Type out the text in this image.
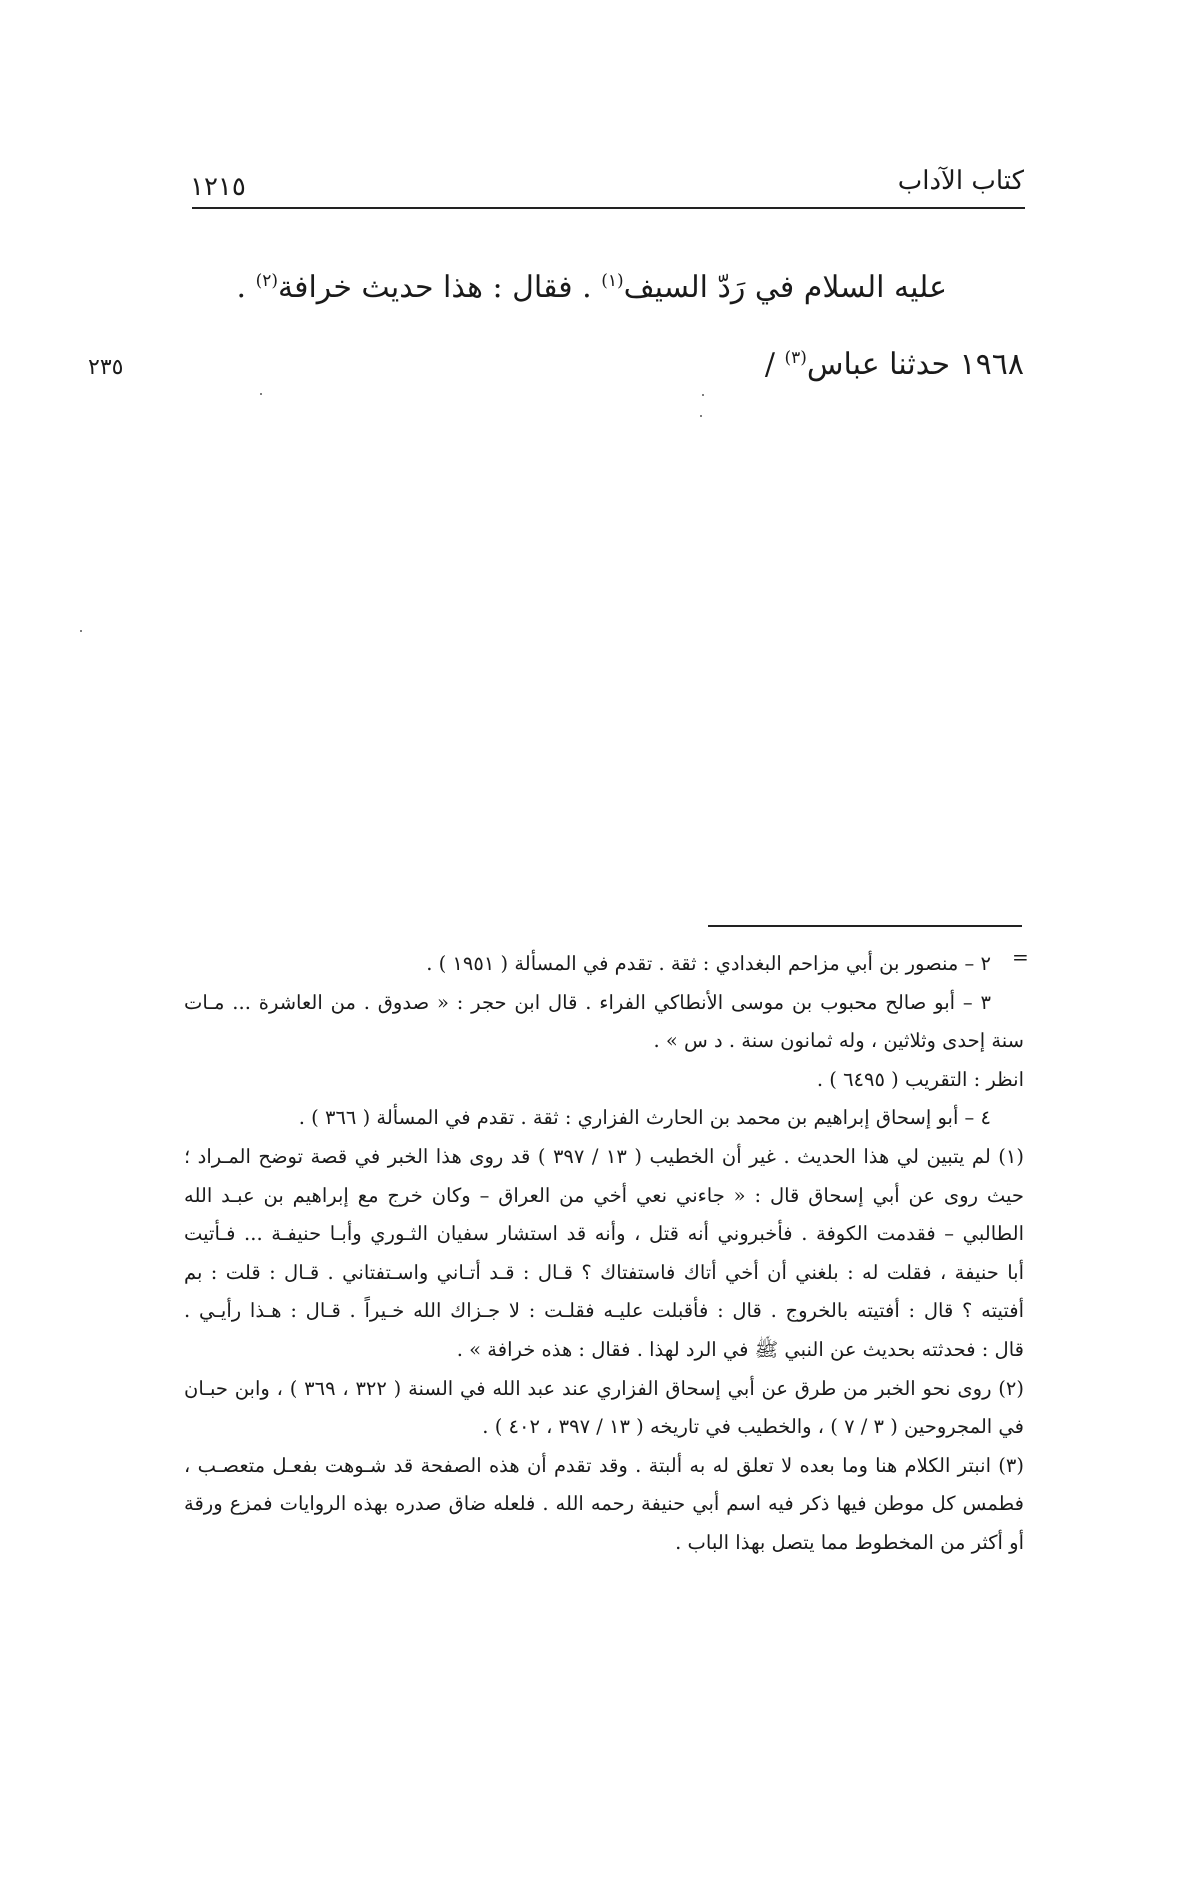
كتاب الآداب
١٢١٥
٢٣٥
عليه السلام في رَدّ السيف$^{(١)}$ . فقال : هذا حديث خرافة$^{(٢)}$ .
١٩٦٨ حدثنا عباس$^{(٣)}$ /
=
٢ – منصور بن أبي مزاحم البغدادي : ثقة . تقدم في المسألة ( ١٩٥١ ) .
٣ – أبو صالح محبوب بن موسى الأنطاكي الفراء . قال ابن حجر : « صدوق . من العاشرة ... مـات
سنة إحدى وثلاثين ، وله ثمانون سنة . د س » .
انظر : التقريب ( ٦٤٩٥ ) .
٤ – أبو إسحاق إبراهيم بن محمد بن الحارث الفزاري : ثقة . تقدم في المسألة ( ٣٦٦ ) .
(١) لم يتبين لي هذا الحديث . غير أن الخطيب ( ١٣ / ٣٩٧ ) قد روى هذا الخبر في قصة توضح المـراد ؛
حيث روى عن أبي إسحاق قال : « جاءني نعي أخي من العراق – وكان خرج مع إبراهيم بن عبـد الله
الطالبي – فقدمت الكوفة . فأخبروني أنه قتل ، وأنه قد استشار سفيان الثـوري وأبـا حنيفـة ... فـأتيت
أبا حنيفة ، فقلت له : بلغني أن أخي أتاك فاستفتاك ؟ قـال : قـد أتـاني واسـتفتاني . قـال : قلت : بم
أفتيته ؟ قال : أفتيته بالخروج . قال : فأقبلت عليـه فقلـت : لا جـزاك الله خـيراً . قـال : هـذا رأيـي .
قال : فحدثته بحديث عن النبي ﷺ في الرد لهذا . فقال : هذه خرافة » .
(٢) روى نحو الخبر من طرق عن أبي إسحاق الفزاري عند عبد الله في السنة ( ٣٢٢ ، ٣٦٩ ) ، وابن حبـان
في المجروحين ( ٣ / ٧ ) ، والخطيب في تاريخه ( ١٣ / ٣٩٧ ، ٤٠٢ ) .
(٣) انبتر الكلام هنا وما بعده لا تعلق له به ألبتة . وقد تقدم أن هذه الصفحة قد شـوهت بفعـل متعصـب ،
فطمس كل موطن فيها ذكر فيه اسم أبي حنيفة رحمه الله . فلعله ضاق صدره بهذه الروايات فمزع ورقة
أو أكثر من المخطوط مما يتصل بهذا الباب .
